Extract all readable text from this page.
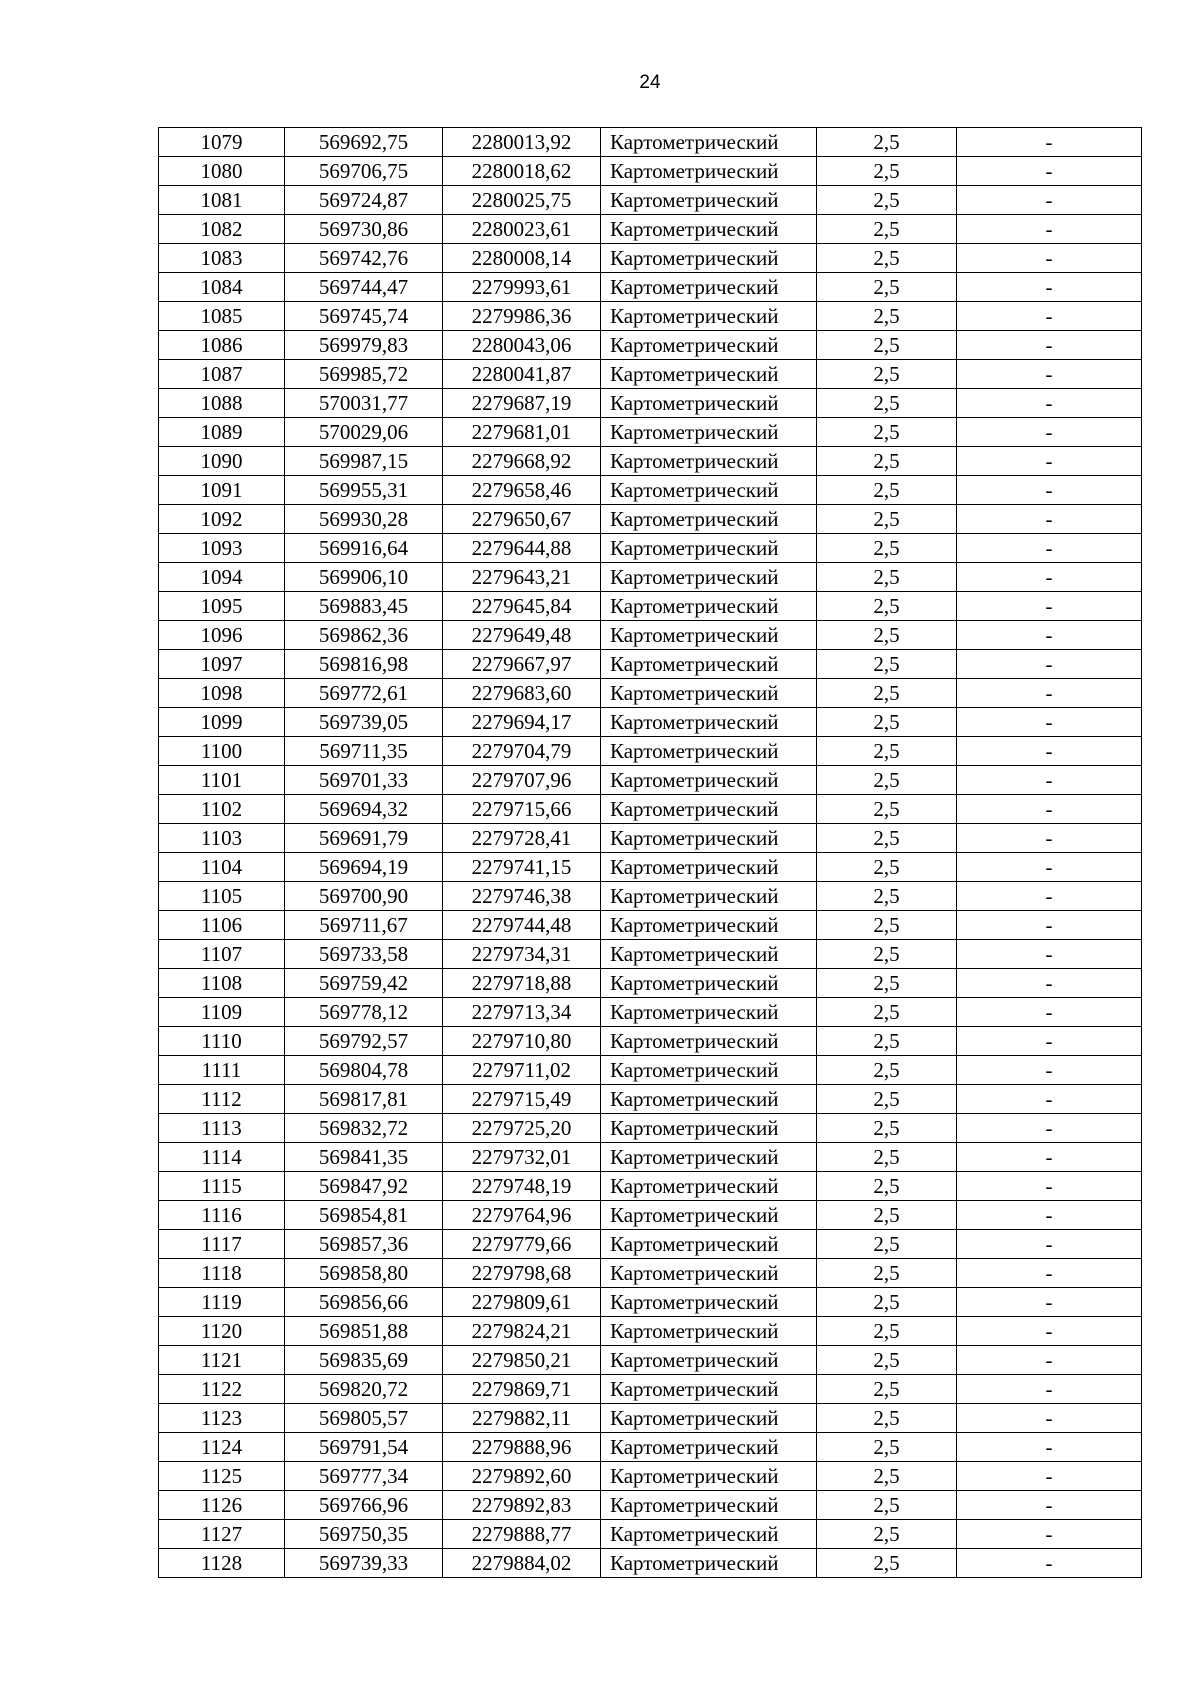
24
1079	569692,75	2280013,92	Картометрический	2,5	-
1080	569706,75	2280018,62	Картометрический	2,5	-
1081	569724,87	2280025,75	Картометрический	2,5	-
1082	569730,86	2280023,61	Картометрический	2,5	-
1083	569742,76	2280008,14	Картометрический	2,5	-
1084	569744,47	2279993,61	Картометрический	2,5	-
1085	569745,74	2279986,36	Картометрический	2,5	-
1086	569979,83	2280043,06	Картометрический	2,5	-
1087	569985,72	2280041,87	Картометрический	2,5	-
1088	570031,77	2279687,19	Картометрический	2,5	-
1089	570029,06	2279681,01	Картометрический	2,5	-
1090	569987,15	2279668,92	Картометрический	2,5	-
1091	569955,31	2279658,46	Картометрический	2,5	-
1092	569930,28	2279650,67	Картометрический	2,5	-
1093	569916,64	2279644,88	Картометрический	2,5	-
1094	569906,10	2279643,21	Картометрический	2,5	-
1095	569883,45	2279645,84	Картометрический	2,5	-
1096	569862,36	2279649,48	Картометрический	2,5	-
1097	569816,98	2279667,97	Картометрический	2,5	-
1098	569772,61	2279683,60	Картометрический	2,5	-
1099	569739,05	2279694,17	Картометрический	2,5	-
1100	569711,35	2279704,79	Картометрический	2,5	-
1101	569701,33	2279707,96	Картометрический	2,5	-
1102	569694,32	2279715,66	Картометрический	2,5	-
1103	569691,79	2279728,41	Картометрический	2,5	-
1104	569694,19	2279741,15	Картометрический	2,5	-
1105	569700,90	2279746,38	Картометрический	2,5	-
1106	569711,67	2279744,48	Картометрический	2,5	-
1107	569733,58	2279734,31	Картометрический	2,5	-
1108	569759,42	2279718,88	Картометрический	2,5	-
1109	569778,12	2279713,34	Картометрический	2,5	-
1110	569792,57	2279710,80	Картометрический	2,5	-
1111	569804,78	2279711,02	Картометрический	2,5	-
1112	569817,81	2279715,49	Картометрический	2,5	-
1113	569832,72	2279725,20	Картометрический	2,5	-
1114	569841,35	2279732,01	Картометрический	2,5	-
1115	569847,92	2279748,19	Картометрический	2,5	-
1116	569854,81	2279764,96	Картометрический	2,5	-
1117	569857,36	2279779,66	Картометрический	2,5	-
1118	569858,80	2279798,68	Картометрический	2,5	-
1119	569856,66	2279809,61	Картометрический	2,5	-
1120	569851,88	2279824,21	Картометрический	2,5	-
1121	569835,69	2279850,21	Картометрический	2,5	-
1122	569820,72	2279869,71	Картометрический	2,5	-
1123	569805,57	2279882,11	Картометрический	2,5	-
1124	569791,54	2279888,96	Картометрический	2,5	-
1125	569777,34	2279892,60	Картометрический	2,5	-
1126	569766,96	2279892,83	Картометрический	2,5	-
1127	569750,35	2279888,77	Картометрический	2,5	-
1128	569739,33	2279884,02	Картометрический	2,5	-
